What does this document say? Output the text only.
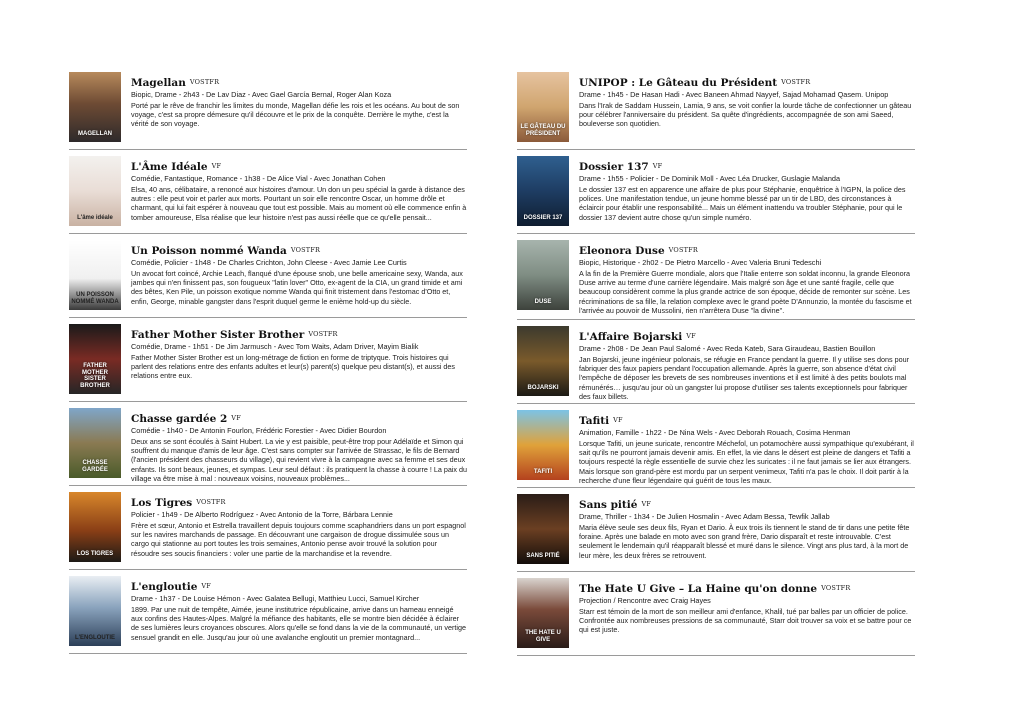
MAGELLAN
Magellan VOSTFR
Biopic, Drame - 2h43 - De Lav Diaz - Avec Gael García Bernal, Roger Alan Koza
Porté par le rêve de franchir les limites du monde, Magellan défie les rois et les océans. Au bout de son voyage, c'est sa propre démesure qu'il découvre et le prix de la conquête. Derrière le mythe, c'est la vérité de son voyage.
L'âme idéale
L'Âme Idéale VF
Comédie, Fantastique, Romance - 1h38 - De Alice Vial - Avec Jonathan Cohen
Elsa, 40 ans, célibataire, a renoncé aux histoires d'amour. Un don un peu spécial la garde à distance des autres : elle peut voir et parler aux morts. Pourtant un soir elle rencontre Oscar, un homme drôle et charmant, qui lui fait espérer à nouveau que tout est possible. Mais au moment où elle commence enfin à tomber amoureuse, Elsa réalise que leur histoire n'est pas aussi réelle que ce qu'elle pensait...
UN POISSON NOMMÉ WANDA
Un Poisson nommé Wanda VOSTFR
Comédie, Policier - 1h48 - De Charles Crichton, John Cleese - Avec Jamie Lee Curtis
Un avocat fort coincé, Archie Leach, flanqué d'une épouse snob, une belle americaine sexy, Wanda, aux jambes qui n'en finissent pas, son fougueux "latin lover" Otto, ex-agent de la CIA, un grand timide et ami des bêtes, Ken Pile, un poisson exotique nomme Wanda qui finit tristement dans l'estomac d'Otto et, enfin, George, minable gangster dans l'esprit duquel germe le enième hold-up du siècle.
FATHER MOTHER SISTER BROTHER
Father Mother Sister Brother VOSTFR
Comédie, Drame - 1h51 - De Jim Jarmusch - Avec Tom Waits, Adam Driver, Mayim Bialik
Father Mother Sister Brother est un long-métrage de fiction en forme de triptyque. Trois histoires qui parlent des relations entre des enfants adultes et leur(s) parent(s) quelque peu distant(s), et aussi des relations entre eux.
CHASSE GARDÉE
Chasse gardée 2 VF
Comédie - 1h40 - De Antonin Fourlon, Frédéric Forestier - Avec Didier Bourdon
Deux ans se sont écoulés à Saint Hubert. La vie y est paisible, peut-être trop pour Adélaïde et Simon qui souffrent du manque d'amis de leur âge. C'est sans compter sur l'arrivée de Strassac, le fils de Bernard (l'ancien président des chasseurs du village), qui revient vivre à la campagne avec sa femme et ses deux enfants. Ils sont beaux, jeunes, et sympas. Leur seul défaut : ils pratiquent la chasse à courre ! La paix du village va être mise à mal : nouveaux voisins, nouveaux problèmes...
LOS TIGRES
Los Tigres VOSTFR
Policier - 1h49 - De Alberto Rodríguez - Avec Antonio de la Torre, Bárbara Lennie
Frère et sœur, Antonio et Estrella travaillent depuis toujours comme scaphandriers dans un port espagnol sur les navires marchands de passage. En découvrant une cargaison de drogue dissimulée sous un cargo qui stationne au port toutes les trois semaines, Antonio pense avoir trouvé la solution pour résoudre ses soucis financiers : voler une partie de la marchandise et la revendre.
L'ENGLOUTIE
L'engloutie VF
Drame - 1h37 - De Louise Hémon - Avec Galatea Bellugi, Matthieu Lucci, Samuel Kircher
1899. Par une nuit de tempête, Aimée, jeune institutrice républicaine, arrive dans un hameau enneigé aux confins des Hautes-Alpes. Malgré la méfiance des habitants, elle se montre bien décidée à éclairer de ses lumières leurs croyances obscures. Alors qu'elle se fond dans la vie de la communauté, un vertige sensuel grandit en elle. Jusqu'au jour où une avalanche engloutit un premier montagnard...
LE GÂTEAU DU PRÉSIDENT
UNIPOP : Le Gâteau du Président VOSTFR
Drame - 1h45 - De Hasan Hadi - Avec Baneen Ahmad Nayyef, Sajad Mohamad Qasem. Unipop
Dans l'Irak de Saddam Hussein, Lamia, 9 ans, se voit confier la lourde tâche de confectionner un gâteau pour célébrer l'anniversaire du président. Sa quête d'ingrédients, accompagnée de son ami Saeed, bouleverse son quotidien.
DOSSIER 137
Dossier 137 VF
Drame - 1h55 - Policier - De Dominik Moll - Avec Léa Drucker, Guslagie Malanda
Le dossier 137 est en apparence une affaire de plus pour Stéphanie, enquêtrice à l'IGPN, la police des polices. Une manifestation tendue, un jeune homme blessé par un tir de LBD, des circonstances à éclaircir pour établir une responsabilité... Mais un élément inattendu va troubler Stéphanie, pour qui le dossier 137 devient autre chose qu'un simple numéro.
DUSE
Eleonora Duse VOSTFR
Biopic, Historique - 2h02 - De Pietro Marcello - Avec Valeria Bruni Tedeschi
A la fin de la Première Guerre mondiale, alors que l'Italie enterre son soldat inconnu, la grande Eleonora Duse arrive au terme d'une carrière légendaire. Mais malgré son âge et une santé fragile, celle que beaucoup considèrent comme la plus grande actrice de son époque, décide de remonter sur scène. Les récriminations de sa fille, la relation complexe avec le grand poète D'Annunzio, la montée du fascisme et l'arrivée au pouvoir de Mussolini, rien n'arrêtera Duse "la divine".
BOJARSKI
L'Affaire Bojarski VF
Drame - 2h08 - De Jean Paul Salomé - Avec Reda Kateb, Sara Giraudeau, Bastien Bouillon
Jan Bojarski, jeune ingénieur polonais, se réfugie en France pendant la guerre. Il y utilise ses dons pour fabriquer des faux papiers pendant l'occupation allemande. Après la guerre, son absence d'état civil l'empêche de déposer les brevets de ses nombreuses inventions et il est limité à des petits boulots mal rémunérés… jusqu'au jour où un gangster lui propose d'utiliser ses talents exceptionnels pour fabriquer des faux billets.
TAFITI
Tafiti VF
Animation, Famille - 1h22 - De Nina Wels - Avec Deborah Rouach, Cosima Henman
Lorsque Tafiti, un jeune suricate, rencontre Méchefol, un potamochère aussi sympathique qu'exubérant, il sait qu'ils ne pourront jamais devenir amis. En effet, la vie dans le désert est pleine de dangers et Tafiti a toujours respecté la règle essentielle de survie chez les suricates : il ne faut jamais se lier aux étrangers. Mais lorsque son grand-père est mordu par un serpent venimeux, Tafiti n'a pas le choix. Il doit partir à la recherche d'une fleur légendaire qui guérit de tous les maux.
SANS PITIÉ
Sans pitié VF
Drame, Thriller - 1h34 - De Julien Hosmalin - Avec Adam Bessa, Tewfik Jallab
Maria élève seule ses deux fils, Ryan et Dario. À eux trois ils tiennent le stand de tir dans une petite fête foraine. Après une balade en moto avec son grand frère, Dario disparaît et reste introuvable. C'est seulement le lendemain qu'il réapparaît blessé et muré dans le silence. Vingt ans plus tard, à la mort de leur mère, les deux frères se retrouvent.
THE HATE U GIVE
The Hate U Give – La Haine qu'on donne VOSTFR
Projection / Rencontre avec Craig Hayes
Starr est témoin de la mort de son meilleur ami d'enfance, Khalil, tué par balles par un officier de police. Confrontée aux nombreuses pressions de sa communauté, Starr doit trouver sa voix et se battre pour ce qui est juste.
